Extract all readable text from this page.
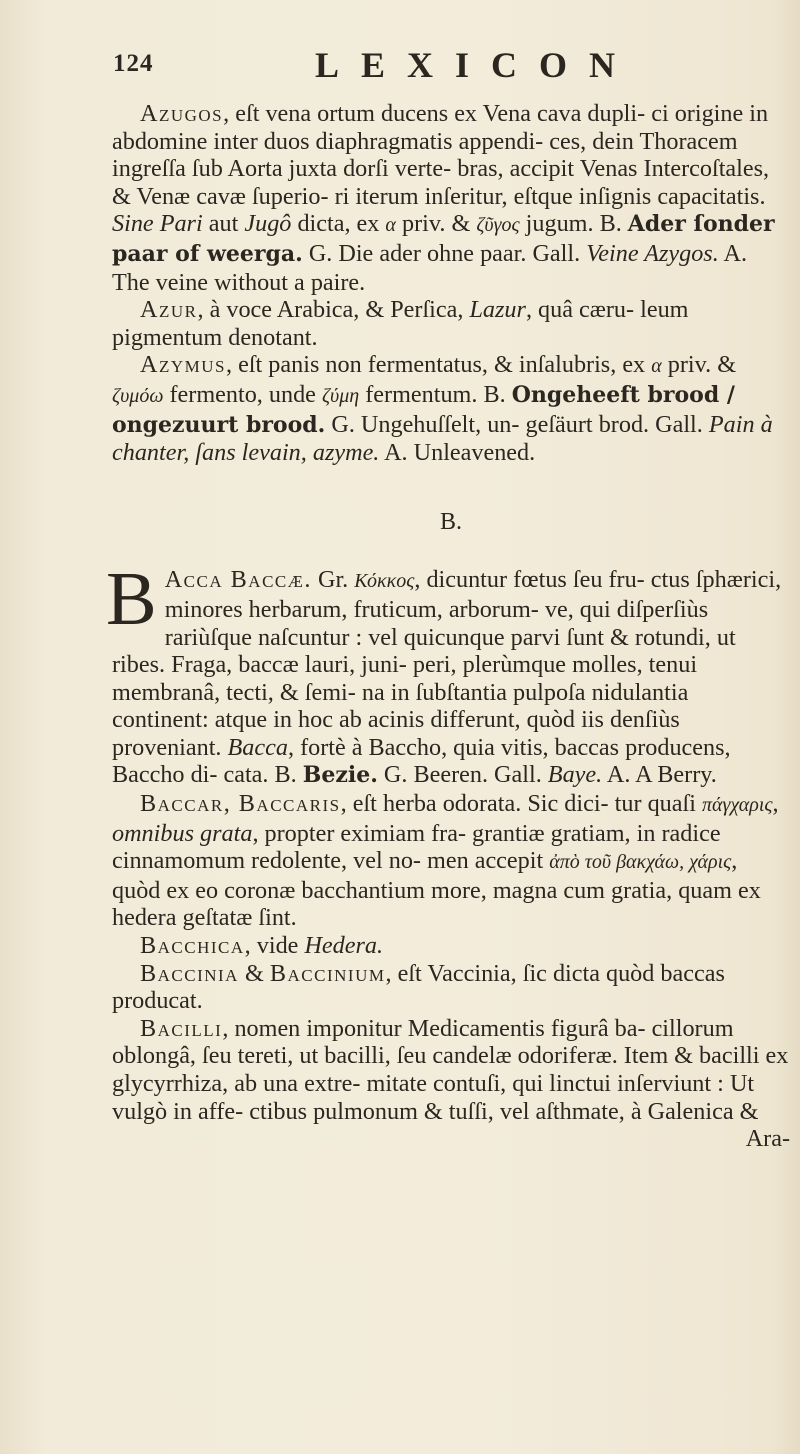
124	LEXICON

Azugos, eſt vena ortum ducens ex Vena cava dupli- ci origine in abdomine inter duos diaphragmatis appendi- ces, dein Thoracem ingreſſa ſub Aorta juxta dorſi verte- bras, accipit Venas Intercoſtales, & Venæ cavæ ſuperio- ri iterum inſeritur, eſtque inſignis capacitatis. Sine Pari aut Jugô dicta, ex α priv. & ζῦγος jugum. B. Ader ſonder paar of weerga. G. Die ader ohne paar. Gall. Veine Azygos. A. The veine without a paire.

Azur, à voce Arabica, & Perſica, Lazur, quâ cæru- leum pigmentum denotant.

Azymus, eſt panis non fermentatus, & inſalubris, ex α priv. & ζυμόω fermento, unde ζύμη fermentum. B. Ongeheeft brood / ongezuurt brood. G. Ungehuſſelt, un- geſäurt brod. Gall. Pain à chanter, ſans levain, azyme. A. Unleavened.

B.

B Acca Baccæ. Gr. Κόκκος, dicuntur fœtus ſeu fru- ctus ſphærici, minores herbarum, fruticum, arborum- ve, qui diſperſiùs rariùſque naſcuntur : vel quicunque parvi ſunt & rotundi, ut ribes. Fraga, baccæ lauri, juni- peri, plerùmque molles, tenui membranâ, tecti, & ſemi- na in ſubſtantia pulpoſa nidulantia continent: atque in hoc ab acinis differunt, quòd iis denſiùs proveniant. Bacca, fortè à Baccho, quia vitis, baccas producens, Baccho di- cata. B. Bezie. G. Beeren. Gall. Baye. A. A Berry.

Baccar, Baccaris, eſt herba odorata. Sic dici- tur quaſi πάγχαρις, omnibus grata, propter eximiam fra- grantiæ gratiam, in radice cinnamomum redolente, vel no- men accepit ἀπὸ τοῦ βακχάω, χάρις, quòd ex eo coronæ bacchantium more, magna cum gratia, quam ex hedera geſtatæ ſint.

Bacchica, vide Hedera.

Baccinia & Baccinium, eſt Vaccinia, ſic dicta quòd baccas producat.

Bacilli, nomen imponitur Medicamentis figurâ ba- cillorum oblongâ, ſeu tereti, ut bacilli, ſeu candelæ odoriferæ. Item & bacilli ex glycyrrhiza, ab una extre- mitate contuſi, qui linctui inſerviunt : Ut vulgò in affe- ctibus pulmonum & tuſſi, vel aſthmate, à Galenica &

Ara-
